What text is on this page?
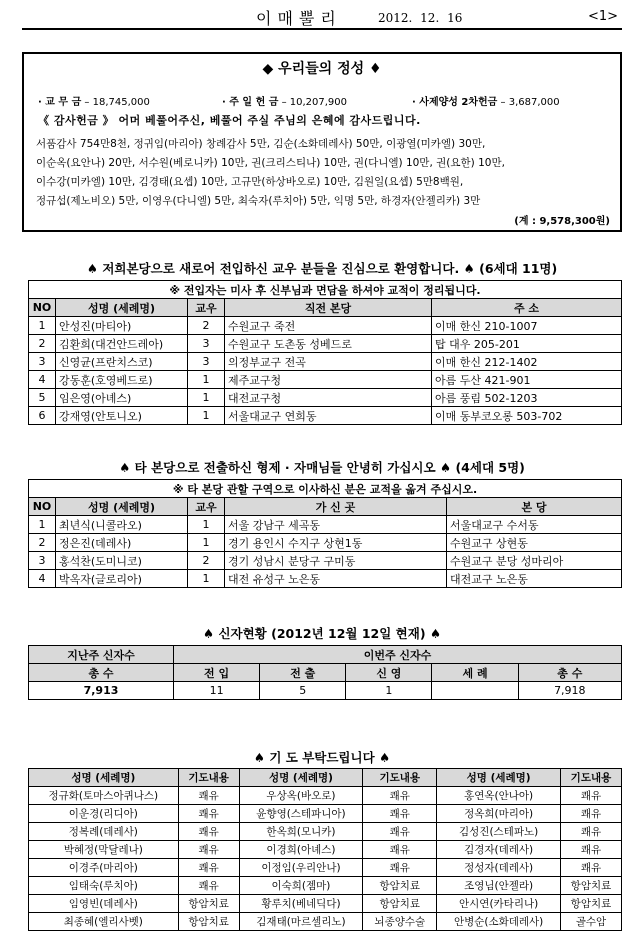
이매뿔리	2012. 12. 16	<1>
◆ 우리들의 정성 ♦
· 교 무 금 – 18,745,000	· 주 일 헌 금 – 10,207,900	· 사제양성 2차헌금 – 3,687,000
《 감사헌금 》 어머 베풀어주신, 베풀어 주실 주님의 은혜에 감사드립니다.
서품감사 754만8천, 정귀임(마리아) 창례감사 5만, 김순(소화데레사) 50만, 이광열(미카엘) 30만,
이순옥(요안나) 20만, 서수원(베로니카) 10만, 권(크리스티나) 10만, 권(다니엘) 10만, 권(요한) 10만,
이수강(미카엘) 10만, 김경태(요셉) 10만, 고규만(하상바오로) 10만, 김원일(요셉) 5만8백원,
정규섭(제노비오) 5만, 이영우(다니엘) 5만, 최숙자(루치아) 5만, 익명 5만, 하경자(안젤리카) 3만
(계 : 9,578,300원)
♠ 저희본당으로 새로어 전입하신 교우 분들을 진심으로 환영합니다. ♠ (6세대 11명)
※ 전입자는 미사 후 신부님과 면담을 하셔야 교적이 정리됩니다.				
NO	성명 (세례명)	교우	직전 본당	주 소
1	안성진(마티아)	2	수원교구 죽전	이매 한신 210-1007
2	김환희(대건안드레아)	3	수원교구 도촌동 성베드로	탑 대우 205-201
3	신영균(프란치스코)	3	의정부교구 전곡	이매 한신 212-1402
4	강동훈(호영베드로)	1	제주교구청	아름 두산 421-901
5	임은영(아녜스)	1	대전교구청	아름 풍림 502-1203
6	강재영(안토니오)	1	서울대교구 연희동	이매 동부코오롱 503-702
♠ 타 본당으로 전출하신 형제 · 자매님들 안녕히 가십시오 ♠ (4세대 5명)
※ 타 본당 관할 구역으로 이사하신 분은 교적을 옮겨 주십시오.				
NO	성명 (세례명)	교우	가 신 곳	본 당
1	최년식(니콜라오)	1	서울 강남구 세곡동	서울대교구 수서동
2	정은진(데레사)	1	경기 용인시 수지구 상현1동	수원교구 상현동
3	홍석찬(도미니코)	2	경기 성남시 분당구 구미동	수원교구 분당 성마리아
4	박옥자(글로리아)	1	대전 유성구 노은동	대전교구 노은동
♠ 신자현황 (2012년 12월 12일 현재) ♠
지난주 신자수	이번주 신자수				
총 수	전 입	전 출	신 영	세 례	총 수
7,913	11	5	1		7,918
♠ 기 도 부탁드립니다 ♠
성명 (세례명)	기도내용	성명 (세례명)	기도내용	성명 (세례명)	기도내용
정규화(토마스아퀴나스)	쾌유	우상옥(바오로)	쾌유	홍연옥(안나아)	쾌유
이운경(리디아)	쾌유	윤향영(스테파니아)	쾌유	정옥희(마리아)	쾌유
정복례(데레사)	쾌유	한옥희(모니카)	쾌유	김성진(스테파노)	쾌유
박혜정(막달레나)	쾌유	이경희(아녜스)	쾌유	김경자(데레사)	쾌유
이경주(마리아)	쾌유	이정임(우리안나)	쾌유	정성자(데레사)	쾌유
임태숙(루치아)	쾌유	이숙희(젬마)	항암치료	조영님(안젤라)	항암치료
임영빈(데레사)	항암치료	황루치(베네딕다)	항암치료	안시연(카타리나)	항암치료
최종혜(엘리사벳)	항암치료	김재태(마르셀리노)	뇌종양수술	안병순(소화데레사)	골수암
